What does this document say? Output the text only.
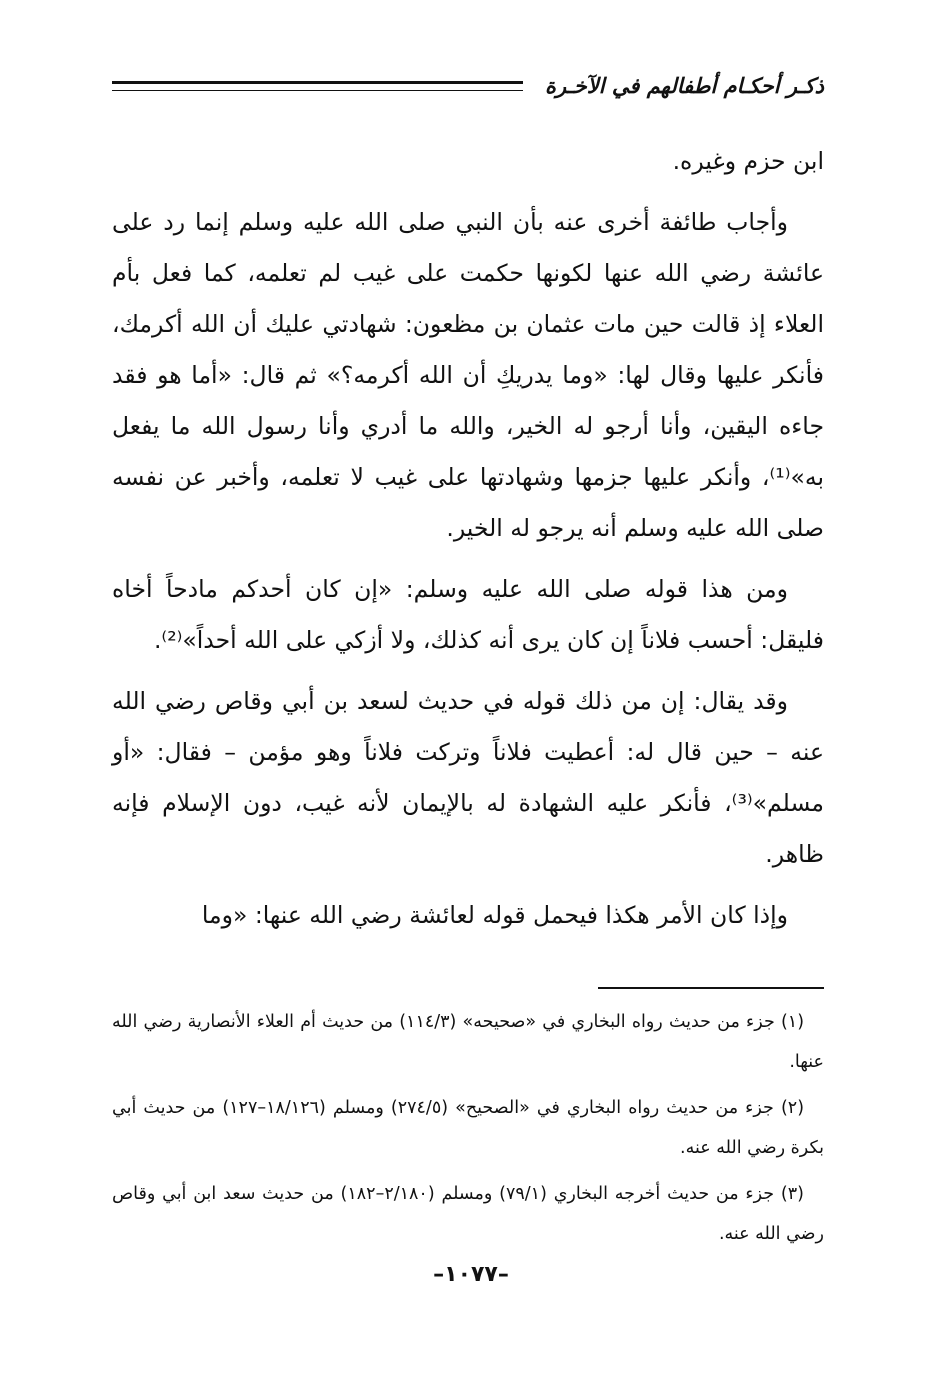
ذكـر أحكـام أطفالهم في الآخـرة

ابن حزم وغيره.

وأجاب طائفة أخرى عنه بأن النبي صلى الله عليه وسلم إنما رد على عائشة رضي الله عنها لكونها حكمت على غيب لم تعلمه، كما فعل بأم العلاء إذ قالت حين مات عثمان بن مظعون: شهادتي عليك أن الله أكرمك، فأنكر عليها وقال لها: «وما يدريكِ أن الله أكرمه؟» ثم قال: «أما هو فقد جاءه اليقين، وأنا أرجو له الخير، والله ما أدري وأنا رسول الله ما يفعل به»⁽¹⁾، وأنكر عليها جزمها وشهادتها على غيب لا تعلمه، وأخبر عن نفسه صلى الله عليه وسلم أنه يرجو له الخير.

ومن هذا قوله صلى الله عليه وسلم: «إن كان أحدكم مادحاً أخاه فليقل: أحسب فلاناً إن كان يرى أنه كذلك، ولا أزكي على الله أحداً»⁽²⁾.

وقد يقال: إن من ذلك قوله في حديث لسعد بن أبي وقاص رضي الله عنه – حين قال له: أعطيت فلاناً وتركت فلاناً وهو مؤمن – فقال: «أو مسلم»⁽³⁾، فأنكر عليه الشهادة له بالإيمان لأنه غيب، دون الإسلام فإنه ظاهر.

وإذا كان الأمر هكذا فيحمل قوله لعائشة رضي الله عنها: «وما

(١) جزء من حديث رواه البخاري في «صحيحه» (١١٤/٣) من حديث أم العلاء الأنصارية رضي الله عنها.

(٢) جزء من حديث رواه البخاري في «الصحيح» (٢٧٤/٥) ومسلم (١٨/١٢٦–١٢٧) من حديث أبي بكرة رضي الله عنه.

(٣) جزء من حديث أخرجه البخاري (٧٩/١) ومسلم (٢/١٨٠–١٨٢) من حديث سعد ابن أبي وقاص رضي الله عنه.

–١٠٧٧–
